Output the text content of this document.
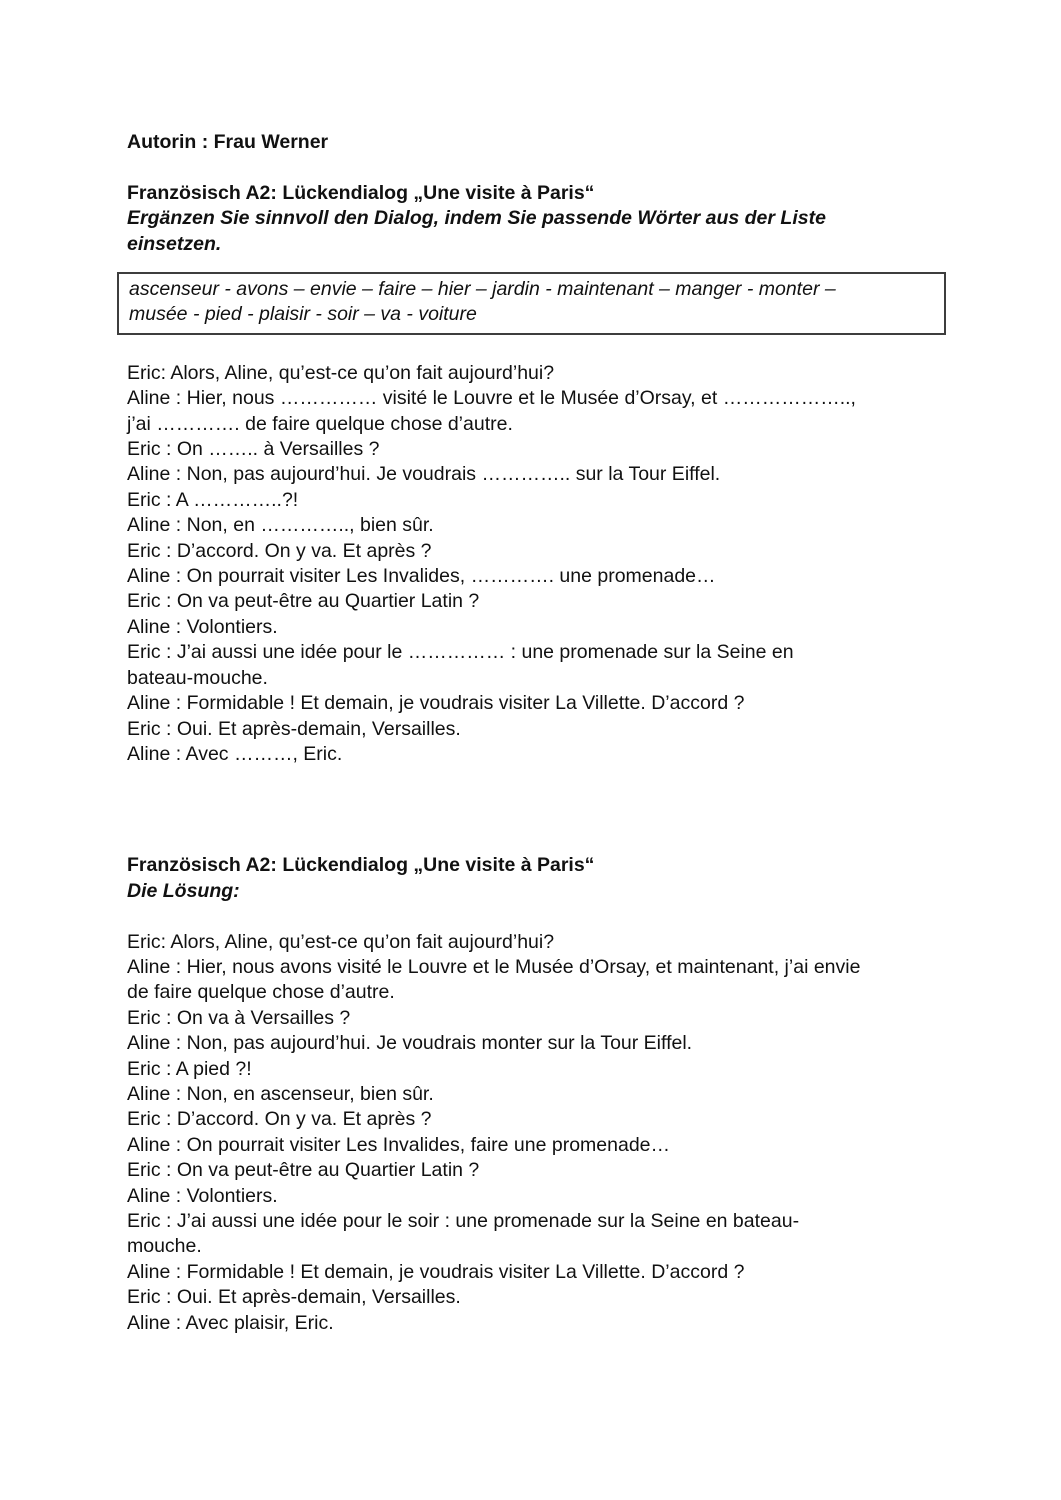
Autorin : Frau Werner

Französisch A2: Lückendialog „Une visite à Paris“

Ergänzen Sie sinnvoll den Dialog, indem Sie passende Wörter aus der Liste
einsetzen.
ascenseur - avons – envie – faire – hier – jardin - maintenant – manger - monter –
musée - pied - plaisir - soir – va - voiture
Eric: Alors, Aline, qu’est-ce qu’on fait aujourd’hui?
Aline : Hier, nous …………… visité le Louvre et le Musée d’Orsay, et ………………..,
j’ai …………. de faire quelque chose d’autre.
Eric : On …….. à Versailles ?
Aline : Non, pas aujourd’hui. Je voudrais ………….. sur la Tour Eiffel.
Eric : A …………..?!
Aline : Non, en ………….., bien sûr.
Eric : D’accord. On y va. Et après ?
Aline : On pourrait visiter Les Invalides, …………. une promenade…
Eric : On va peut-être au Quartier Latin ?
Aline : Volontiers.
Eric : J’ai aussi une idée pour le …………… : une promenade sur la Seine en
bateau-mouche.
Aline : Formidable ! Et demain, je voudrais visiter La Villette. D’accord ?
Eric : Oui. Et après-demain, Versailles.
Aline : Avec ………, Eric.

Französisch A2: Lückendialog „Une visite à Paris“

Die Lösung:

Eric: Alors, Aline, qu’est-ce qu’on fait aujourd’hui?
Aline : Hier, nous avons visité le Louvre et le Musée d’Orsay, et maintenant, j’ai envie
de faire quelque chose d’autre.
Eric : On va à Versailles ?
Aline : Non, pas aujourd’hui. Je voudrais monter sur la Tour Eiffel.
Eric : A pied ?!
Aline : Non, en ascenseur, bien sûr.
Eric : D’accord. On y va. Et après ?
Aline : On pourrait visiter Les Invalides, faire une promenade…
Eric : On va peut-être au Quartier Latin ?
Aline : Volontiers.
Eric : J’ai aussi une idée pour le soir : une promenade sur la Seine en bateau-
mouche.
Aline : Formidable ! Et demain, je voudrais visiter La Villette. D’accord ?
Eric : Oui. Et après-demain, Versailles.
Aline : Avec plaisir, Eric.
